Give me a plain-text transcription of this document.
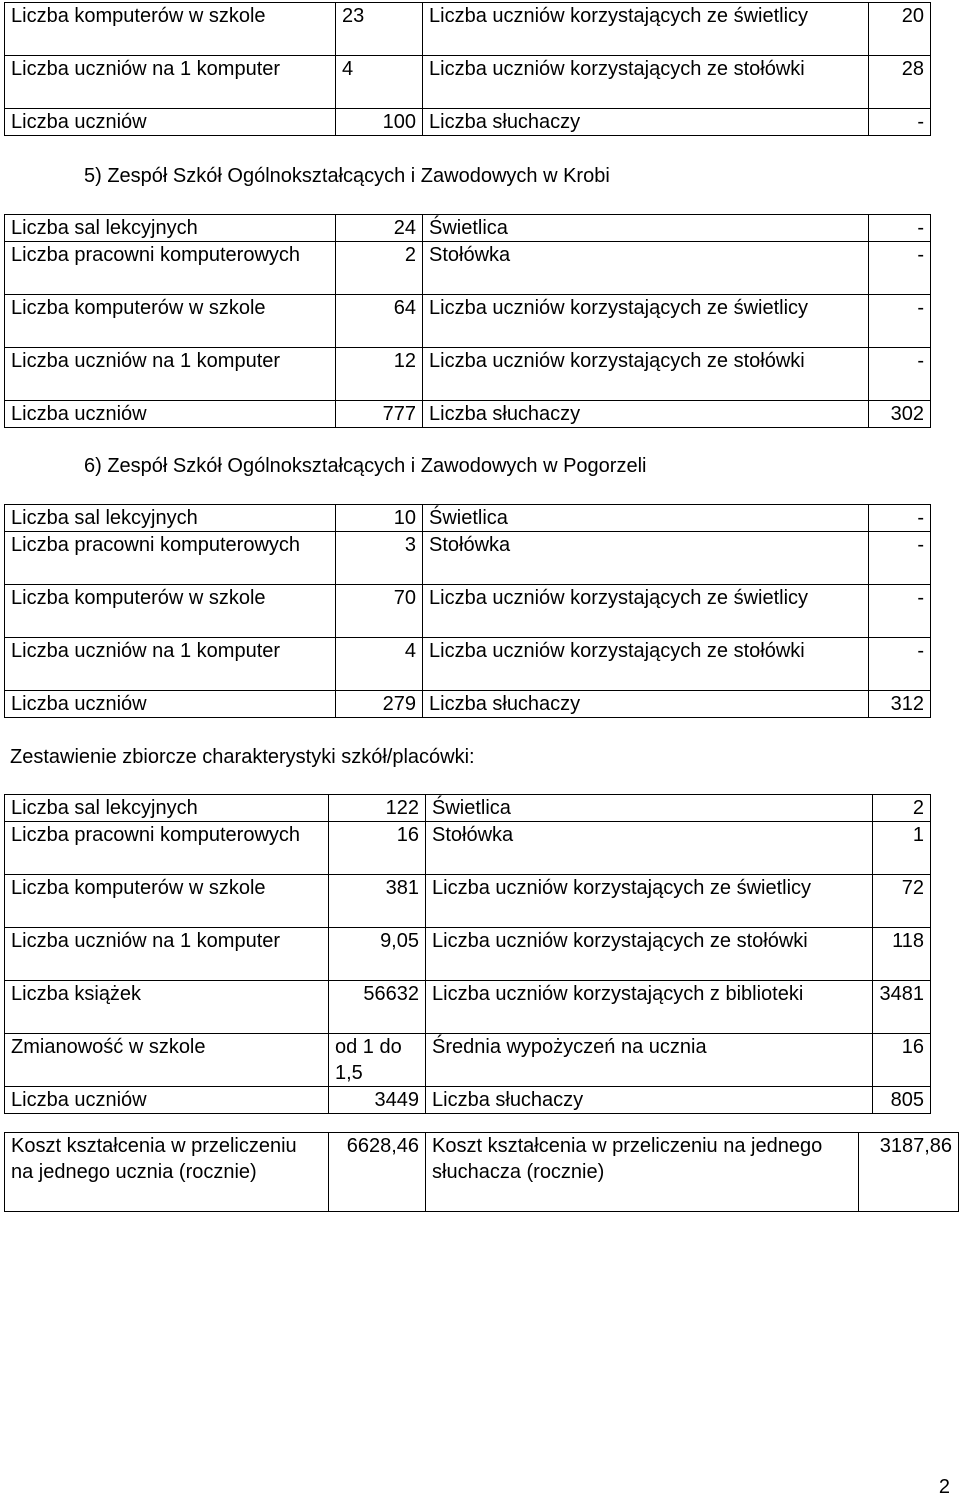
Liczba komputerów w szkole	23	Liczba uczniów korzystających ze świetlicy	20
Liczba uczniów na 1 komputer	4	Liczba uczniów korzystających ze stołówki	28
Liczba uczniów	100	Liczba słuchaczy	-
5) Zespół Szkół Ogólnokształcących i Zawodowych w Krobi
Liczba sal lekcyjnych	24	Świetlica	-
Liczba pracowni komputerowych	2	Stołówka	-
Liczba komputerów w szkole	64	Liczba uczniów korzystających ze świetlicy	-
Liczba uczniów na 1 komputer	12	Liczba uczniów korzystających ze stołówki	-
Liczba uczniów	777	Liczba słuchaczy	302
6) Zespół Szkół Ogólnokształcących i Zawodowych w Pogorzeli
Liczba sal lekcyjnych	10	Świetlica	-
Liczba pracowni komputerowych	3	Stołówka	-
Liczba komputerów w szkole	70	Liczba uczniów korzystających ze świetlicy	-
Liczba uczniów na 1 komputer	4	Liczba uczniów korzystających ze stołówki	-
Liczba uczniów	279	Liczba słuchaczy	312
Zestawienie zbiorcze charakterystyki szkół/placówki:
Liczba sal lekcyjnych	122	Świetlica	2
Liczba pracowni komputerowych	16	Stołówka	1
Liczba komputerów w szkole	381	Liczba uczniów korzystających ze świetlicy	72
Liczba uczniów na 1 komputer	9,05	Liczba uczniów korzystających ze stołówki	118
Liczba książek	56632	Liczba uczniów korzystających z biblioteki	3481
Zmianowość w szkole	od 1 do 1,5	Średnia wypożyczeń na ucznia	16
Liczba uczniów	3449	Liczba słuchaczy	805
Koszt kształcenia w przeliczeniu na jednego ucznia (rocznie)	6628,46	Koszt kształcenia w przeliczeniu na jednego słuchacza (rocznie)	3187,86
2
